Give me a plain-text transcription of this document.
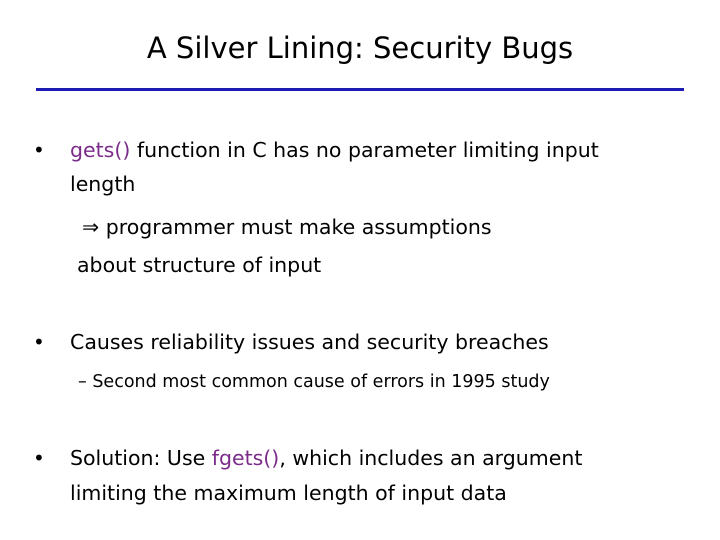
A Silver Lining: Security Bugs
• gets() function in C has no parameter limiting input
length
⇒ programmer must make assumptions
about structure of input
• Causes reliability issues and security breaches
– Second most common cause of errors in 1995 study
• Solution: Use fgets(), which includes an argument
limiting the maximum length of input data
